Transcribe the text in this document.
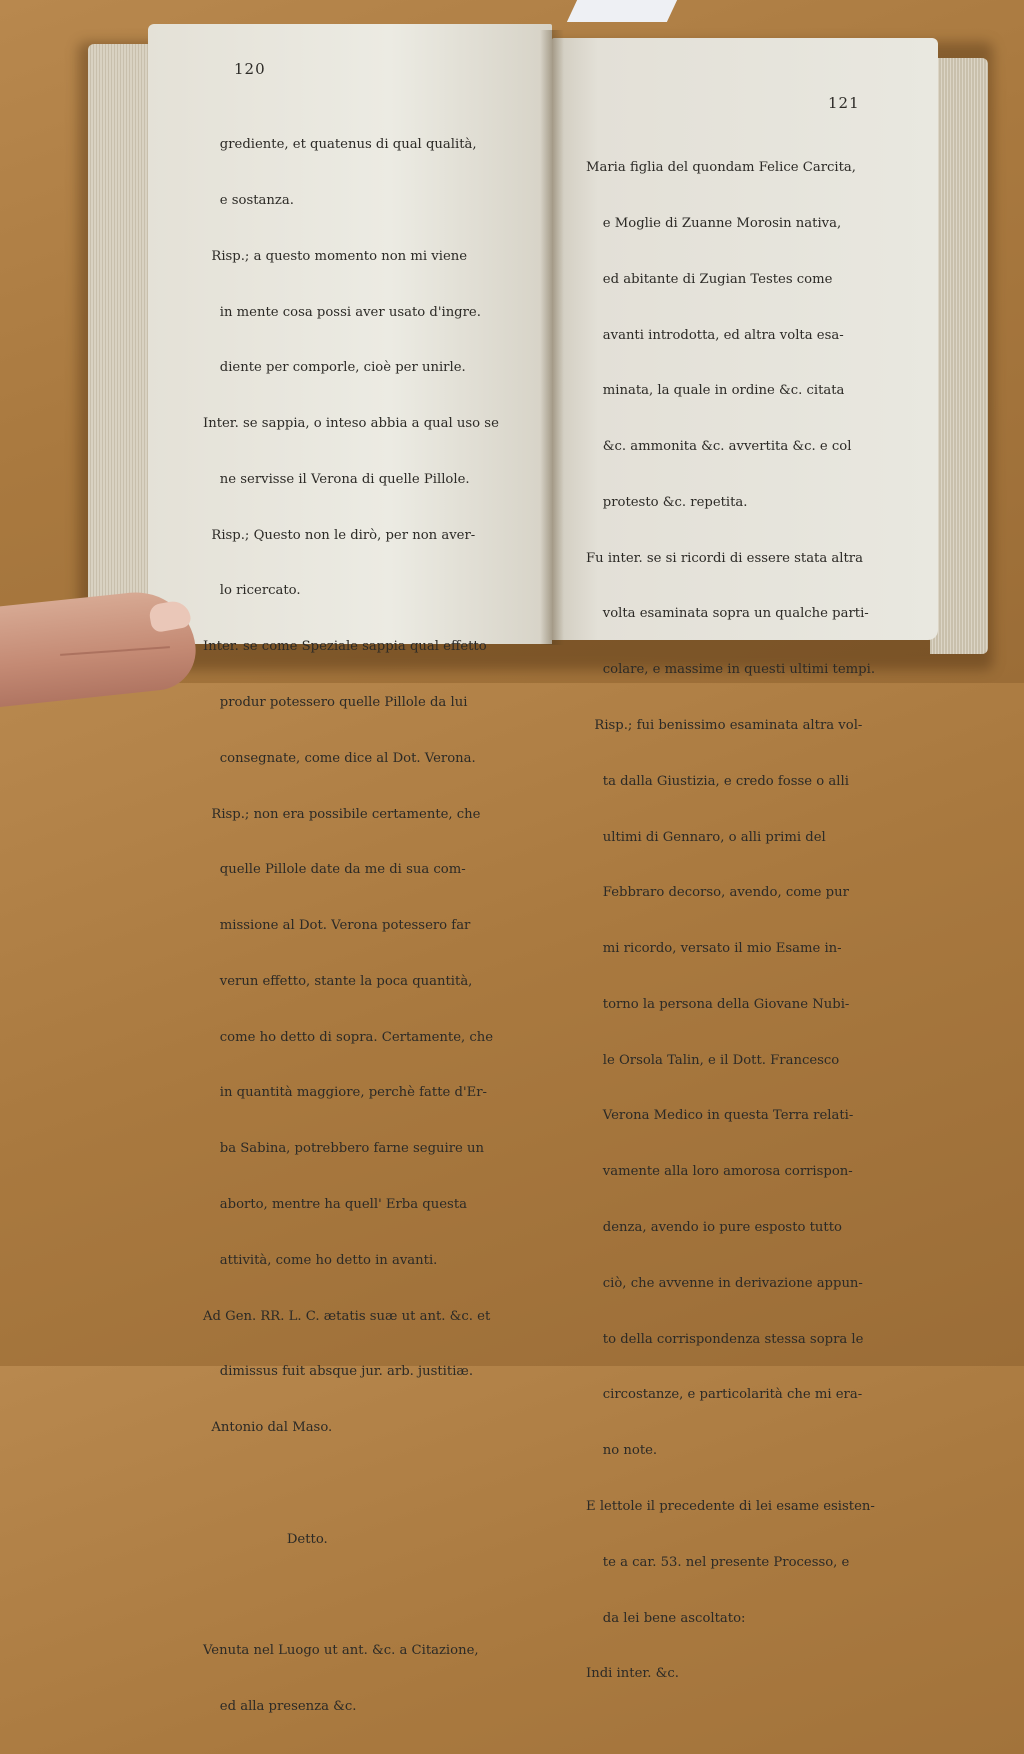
120

grediente, et quatenus di qual qualità,

e sostanza.

Risp.; a questo momento non mi viene

in mente cosa possi aver usato d'ingre.

diente per comporle, cioè per unirle.

Inter. se sappia, o inteso abbia a qual uso se

ne servisse il Verona di quelle Pillole.

Risp.; Questo non le dirò, per non aver-

lo ricercato.

Inter. se come Speziale sappia qual effetto

produr potessero quelle Pillole da lui

consegnate, come dice al Dot. Verona.

Risp.; non era possibile certamente, che

quelle Pillole date da me di sua com-

missione al Dot. Verona potessero far

verun effetto, stante la poca quantità,

come ho detto di sopra. Certamente, che

in quantità maggiore, perchè fatte d'Er-

ba Sabina, potrebbero farne seguire un

aborto, mentre ha quell' Erba questa

attività, come ho detto in avanti.

Ad Gen. RR. L. C. ætatis suæ ut ant. &c. et

dimissus fuit absque jur. arb. justitiæ.

Antonio dal Maso.

Detto.

Venuta nel Luogo ut ant. &c. a Citazione,

ed alla presenza &c.

121

Maria figlia del quondam Felice Carcita,

e Moglie di Zuanne Morosin nativa,

ed abitante di Zugian Testes come

avanti introdotta, ed altra volta esa-

minata, la quale in ordine &c. citata

&c. ammonita &c. avvertita &c. e col

protesto &c. repetita.

Fu inter. se si ricordi di essere stata altra

volta esaminata sopra un qualche parti-

colare, e massime in questi ultimi tempi.

Risp.; fui benissimo esaminata altra vol-

ta dalla Giustizia, e credo fosse o alli

ultimi di Gennaro, o alli primi del

Febbraro decorso, avendo, come pur

mi ricordo, versato il mio Esame in-

torno la persona della Giovane Nubi-

le Orsola Talin, e il Dott. Francesco

Verona Medico in questa Terra relati-

vamente alla loro amorosa corrispon-

denza, avendo io pure esposto tutto

ciò, che avvenne in derivazione appun-

to della corrispondenza stessa sopra le

circostanze, e particolarità che mi era-

no note.

E lettole il precedente di lei esame esisten-

te a car. 53. nel presente Processo, e

da lei bene ascoltato:

Indi inter. &c.
